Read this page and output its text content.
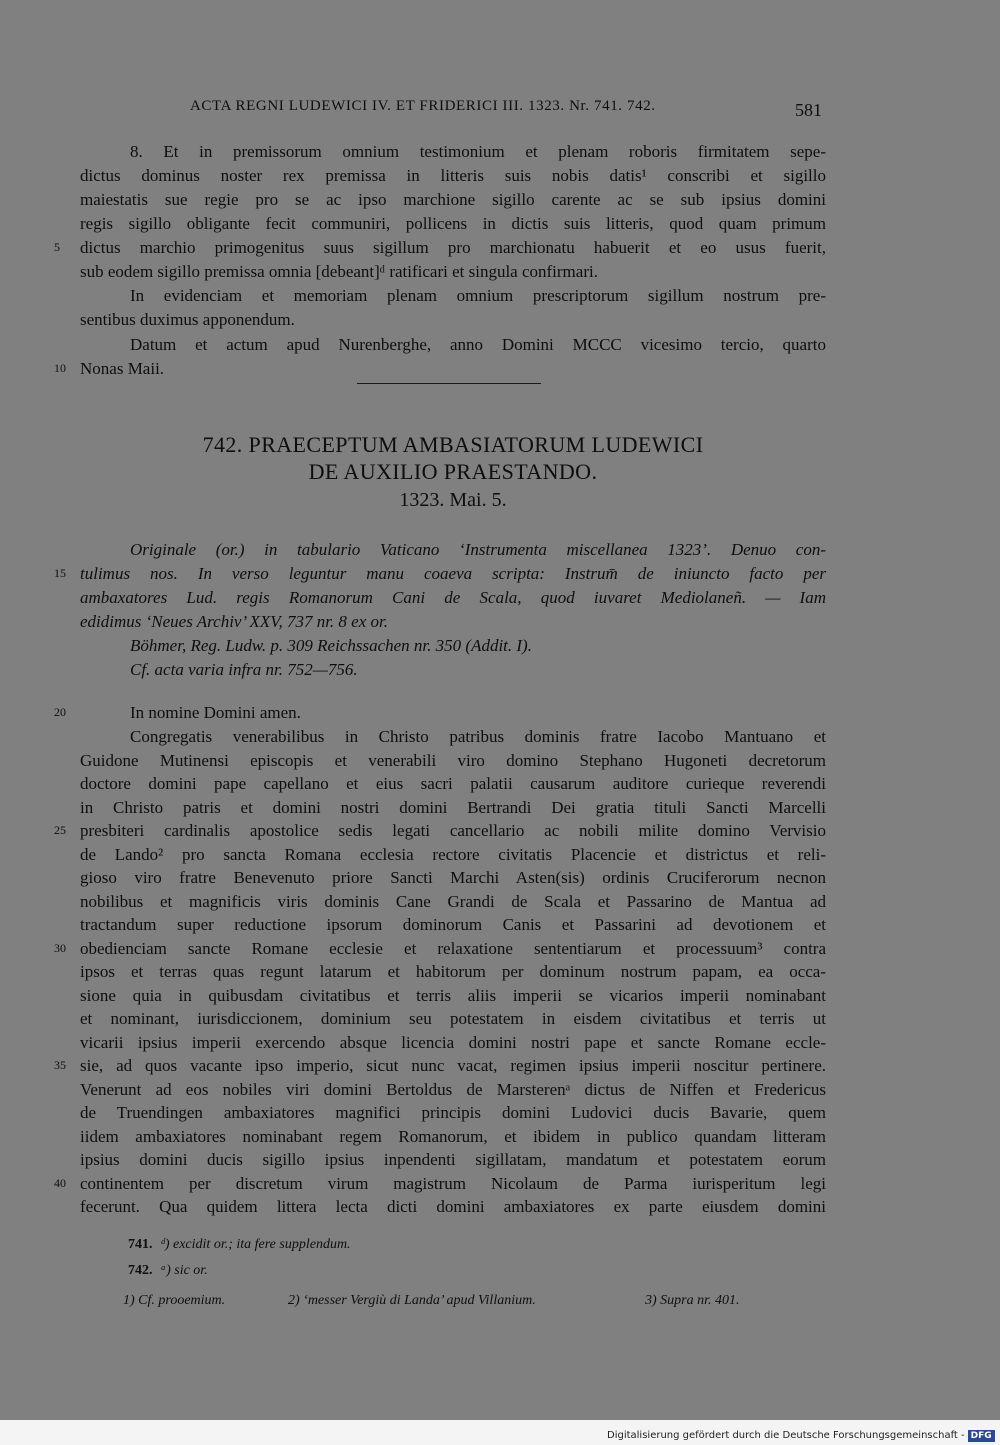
ACTA REGNI LUDEWICI IV. ET FRIDERICI III. 1323. Nr. 741. 742.	581
8. Et in premissorum omnium testimonium et plenam roboris firmitatem sepe-
dictus dominus noster rex premissa in litteris suis nobis datis¹ conscribi et sigillo
maiestatis sue regie pro se ac ipso marchione sigillo carente ac se sub ipsius domini
regis sigillo obligante fecit communiri, pollicens in dictis suis litteris, quod quam primum
dictus marchio primogenitus suus sigillum pro marchionatu habuerit et eo usus fuerit,
sub eodem sigillo premissa omnia [debeant]ᵈ ratificari et singula confirmari.
In evidenciam et memoriam plenam omnium prescriptorum sigillum nostrum pre-
sentibus duximus apponendum.
Datum et actum apud Nurenberghe, anno Domini MCCC vicesimo tercio, quarto
Nonas Maii.
742. PRAECEPTUM AMBASIATORUM LUDEWICI
DE AUXILIO PRAESTANDO.
1323. Mai. 5.
Originale (or.) in tabulario Vaticano ‘Instrumenta miscellanea 1323’. Denuo con-
tulimus nos. In verso leguntur manu coaeva scripta: Instrum̄ de iniuncto facto per
ambaxatores Lud. regis Romanorum Cani de Scala, quod iuvaret Mediolaneñ. — Iam
edidimus ‘Neues Archiv’ XXV, 737 nr. 8 ex or.
Böhmer, Reg. Ludw. p. 309 Reichssachen nr. 350 (Addit. I).
Cf. acta varia infra nr. 752—756.
In nomine Domini amen.
Congregatis venerabilibus in Christo patribus dominis fratre Iacobo Mantuano et
Guidone Mutinensi episcopis et venerabili viro domino Stephano Hugoneti decretorum
doctore domini pape capellano et eius sacri palatii causarum auditore curieque reverendi
in Christo patris et domini nostri domini Bertrandi Dei gratia tituli Sancti Marcelli
presbiteri cardinalis apostolice sedis legati cancellario ac nobili milite domino Vervisio
de Lando² pro sancta Romana ecclesia rectore civitatis Placencie et districtus et reli-
gioso viro fratre Benevenuto priore Sancti Marchi Asten(sis) ordinis Cruciferorum necnon
nobilibus et magnificis viris dominis Cane Grandi de Scala et Passarino de Mantua ad
tractandum super reductione ipsorum dominorum Canis et Passarini ad devotionem et
obedienciam sancte Romane ecclesie et relaxatione sententiarum et processuum³ contra
ipsos et terras quas regunt latarum et habitorum per dominum nostrum papam, ea occa-
sione quia in quibusdam civitatibus et terris aliis imperii se vicarios imperii nominabant
et nominant, iurisdiccionem, dominium seu potestatem in eisdem civitatibus et terris ut
vicarii ipsius imperii exercendo absque licencia domini nostri pape et sancte Romane eccle-
sie, ad quos vacante ipso imperio, sicut nunc vacat, regimen ipsius imperii noscitur pertinere.
Venerunt ad eos nobiles viri domini Bertoldus de Marsterenᵃ dictus de Niffen et Fredericus
de Truendingen ambaxiatores magnifici principis domini Ludovici ducis Bavarie, quem
iidem ambaxiatores nominabant regem Romanorum, et ibidem in publico quandam litteram
ipsius domini ducis sigillo ipsius inpendenti sigillatam, mandatum et potestatem eorum
continentem per discretum virum magistrum Nicolaum de Parma iurisperitum legi
fecerunt. Qua quidem littera lecta dicti domini ambaxiatores ex parte eiusdem domini
5
10
15
20
25
30
35
40
741. ᵈ) excidit or.; ita fere supplendum.
742. ᵃ) sic or.
1) Cf. prooemium.	2) ‘messer Vergiù di Landa’ apud Villanium.	3) Supra nr. 401.
Digitalisierung gefördert durch die Deutsche Forschungsgemeinschaft - DFG
